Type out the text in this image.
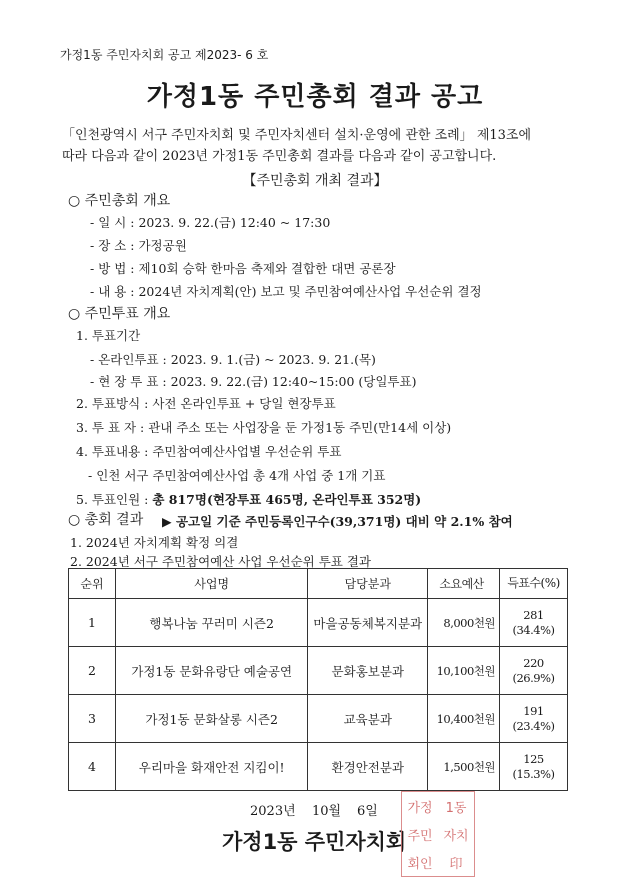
가정1동 주민자치회 공고 제2023- 6 호
가정1동 주민총회 결과 공고
「인천광역시 서구 주민자치회 및 주민자치센터 설치·운영에 관한 조례」 제13조에
따라 다음과 같이 2023년 가정1동 주민총회 결과를 다음과 같이 공고합니다.
【주민총회 개최 결과】
○ 주민총회 개요
- 일 시 : 2023. 9. 22.(금) 12:40 ~ 17:30
- 장 소 : 가정공원
- 방 법 : 제10회 승학 한마음 축제와 결합한 대면 공론장
- 내 용 : 2024년 자치계획(안) 보고 및 주민참여예산사업 우선순위 결정
○ 주민투표 개요
1. 투표기간
- 온라인투표 : 2023. 9. 1.(금) ~ 2023. 9. 21.(목)
- 현 장 투 표 : 2023. 9. 22.(금) 12:40~15:00 (당일투표)
2. 투표방식 : 사전 온라인투표 + 당일 현장투표
3. 투 표 자 : 관내 주소 또는 사업장을 둔 가정1동 주민(만14세 이상)
4. 투표내용 : 주민참여예산사업별 우선순위 투표
- 인천 서구 주민참여예산사업 총 4개 사업 중 1개 기표
5. 투표인원 : 총 817명(현장투표 465명, 온라인투표 352명)
▶ 공고일 기준 주민등록인구수(39,371명) 대비 약 2.1% 참여
○ 총회 결과
1. 2024년 자치계획 확정 의결
2. 2024년 서구 주민참여예산 사업 우선순위 투표 결과
순위	사업명	담당분과	소요예산	득표수(%)
1	행복나눔 꾸러미 시즌2	마을공동체복지분과	8,000천원	281
(34.4%)

2	가정1동 문화유랑단 예술공연	문화홍보분과	10,100천원	220
(26.9%)

3	가정1동 문화살롱 시즌2	교육분과	10,400천원	191
(23.4%)

4	우리마을 화재안전 지킴이!	환경안전분과	1,500천원	125
(15.3%)
2023년 10월 6일
가정1동 주민자치회
가정	1동
주민 자치
회인	印
